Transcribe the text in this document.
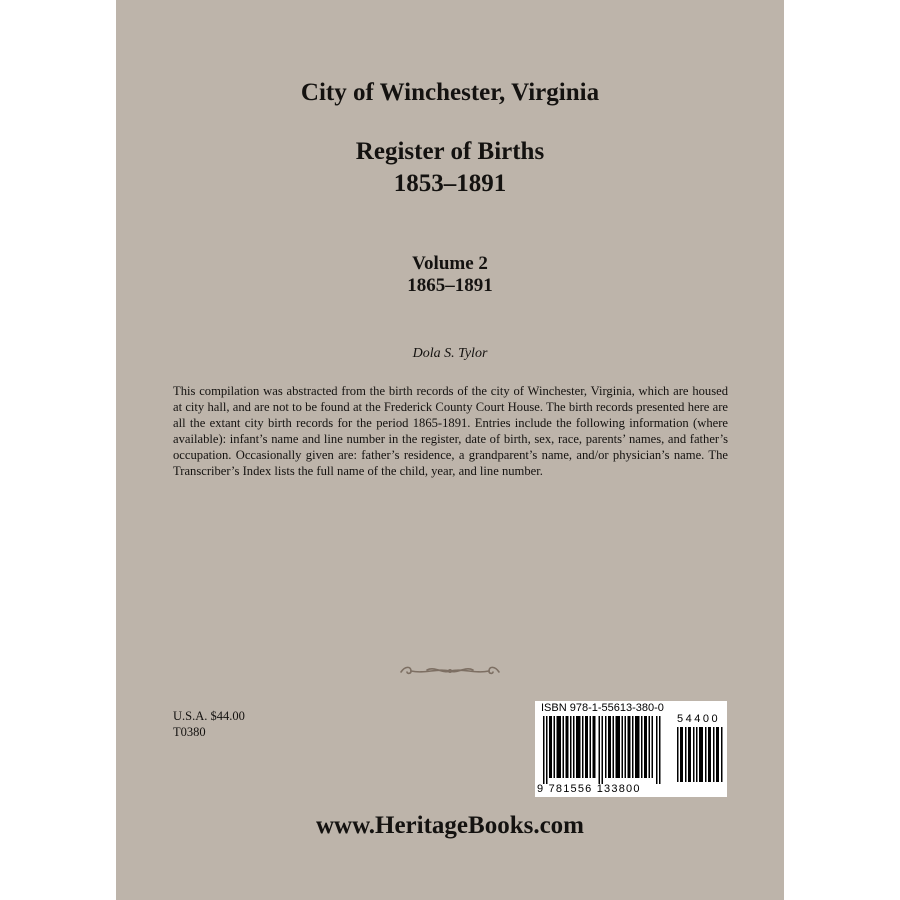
City of Winchester, Virginia
Register of Births
1853–1891
Volume 2
1865–1891
Dola S. Tylor

This compilation was abstracted from the birth records of the city of Winchester, Virginia, which are housed at city hall, and are not to be found at the Frederick County Court House. The birth records presented here are all the extant city birth records for the period 1865-1891. Entries include the following information (where available): infant’s name and line number in the register, date of birth, sex, race, parents’ names, and father’s occupation. Occasionally given are: father’s residence, a grandparent’s name, and/or physician’s name. The Transcriber’s Index lists the full name of the child, year, and line number.

U.S.A. $44.00
T0380
ISBN 978-1-55613-380-0
54400
9 781556 133800
www.HeritageBooks.com
